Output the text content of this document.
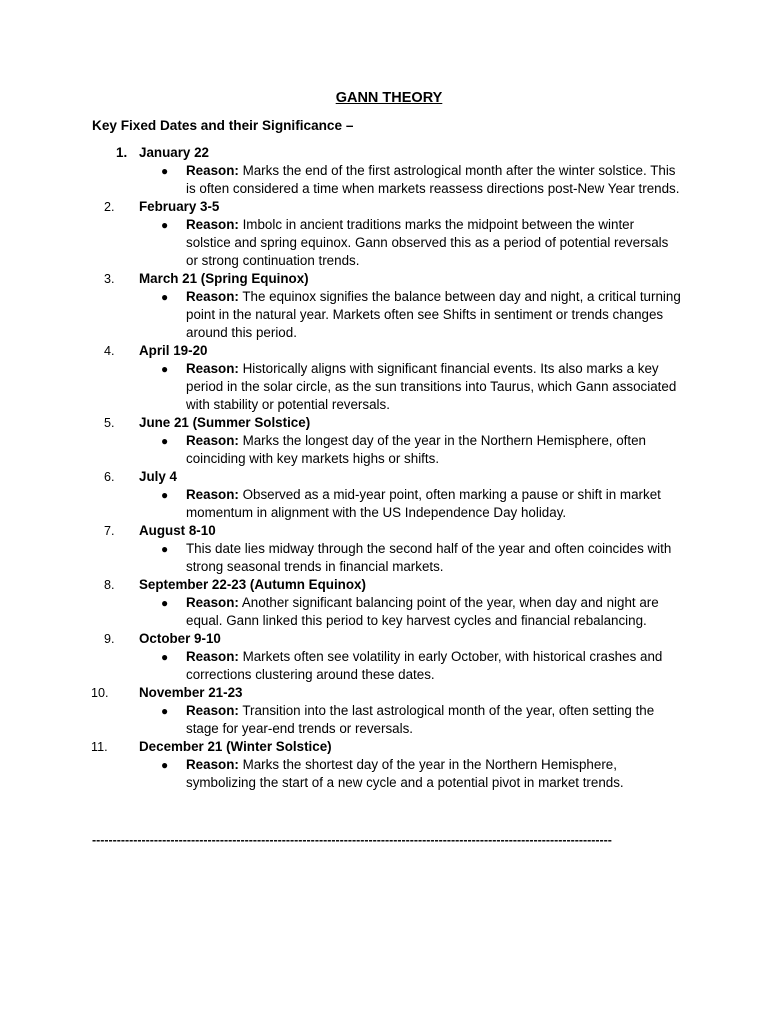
GANN THEORY
Key Fixed Dates and their Significance –
1. January 22
● Reason: Marks the end of the first astrological month after the winter solstice. This is often considered a time when markets reassess directions post-New Year trends.
2.	February 3-5
● Reason: Imbolc in ancient traditions marks the midpoint between the winter solstice and spring equinox. Gann observed this as a period of potential reversals or strong continuation trends.
3.	March 21 (Spring Equinox)
● Reason: The equinox signifies the balance between day and night, a critical turning point in the natural year. Markets often see Shifts in sentiment or trends changes around this period.
4.	April 19-20
● Reason: Historically aligns with significant financial events. Its also marks a key period in the solar circle, as the sun transitions into Taurus, which Gann associated with stability or potential reversals.
5.	June 21 (Summer Solstice)
● Reason: Marks the longest day of the year in the Northern Hemisphere, often coinciding with key markets highs or shifts.
6.	July 4
● Reason: Observed as a mid-year point, often marking a pause or shift in market momentum in alignment with the US Independence Day holiday.
7.	August 8-10
● This date lies midway through the second half of the year and often coincides with strong seasonal trends in financial markets.
8.	September 22-23 (Autumn Equinox)
● Reason: Another significant balancing point of the year, when day and night are equal. Gann linked this period to key harvest cycles and financial rebalancing.
9.	October 9-10
● Reason: Markets often see volatility in early October, with historical crashes and corrections clustering around these dates.
10.	November 21-23
● Reason: Transition into the last astrological month of the year, often setting the stage for year-end trends or reversals.
11.	December 21 (Winter Solstice)
● Reason: Marks the shortest day of the year in the Northern Hemisphere, symbolizing the start of a new cycle and a potential pivot in market trends.
------------------------------------------------------------------------------------------------------------------------------
